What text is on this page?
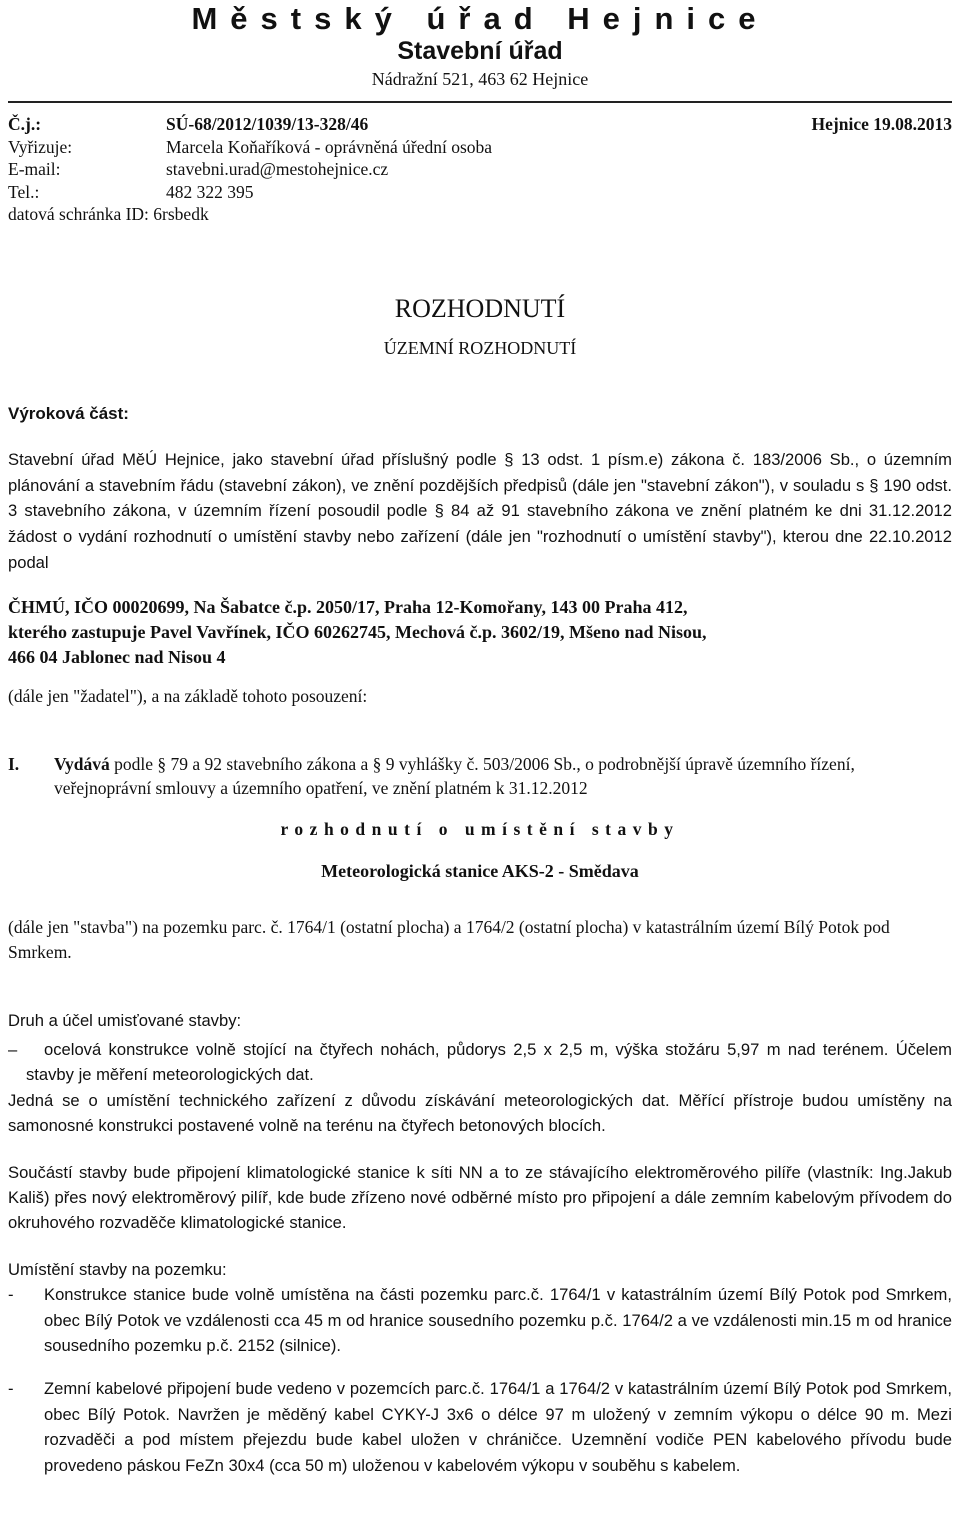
Městský úřad Hejnice
Stavební úřad
Nádražní 521, 463 62 Hejnice
Č.j.:	SÚ-68/2012/1039/13-328/46	Hejnice 19.08.2013
Vyřizuje:	Marcela Koňaříková - oprávněná úřední osoba
E-mail:	stavebni.urad@mestohejnice.cz
Tel.:	482 322 395
datová schránka ID: 6rsbedk
ROZHODNUTÍ
ÚZEMNÍ ROZHODNUTÍ
Výroková část:
Stavební úřad MěÚ Hejnice, jako stavební úřad příslušný podle § 13 odst. 1 písm.e) zákona č. 183/2006 Sb., o územním plánování a stavebním řádu (stavební zákon), ve znění pozdějších předpisů (dále jen "stavební zákon"), v souladu s § 190 odst. 3 stavebního zákona, v územním řízení posoudil podle § 84 až 91 stavebního zákona ve znění platném ke dni 31.12.2012 žádost o vydání rozhodnutí o umístění stavby nebo zařízení (dále jen "rozhodnutí o umístění stavby"), kterou dne 22.10.2012 podal
ČHMÚ, IČO 00020699, Na Šabatce č.p. 2050/17, Praha 12-Komořany, 143 00 Praha 412,
kterého zastupuje Pavel Vavřínek, IČO 60262745, Mechová č.p. 3602/19, Mšeno nad Nisou,
466 04 Jablonec nad Nisou 4
(dále jen "žadatel"), a na základě tohoto posouzení:
I.	Vydává podle § 79 a 92 stavebního zákona a § 9 vyhlášky č. 503/2006 Sb., o podrobnější úpravě územního řízení, veřejnoprávní smlouvy a územního opatření, ve znění platném k 31.12.2012
rozhodnutí o umístění stavby
Meteorologická stanice AKS-2 - Smědava
(dále jen "stavba") na pozemku parc. č. 1764/1 (ostatní plocha) a 1764/2 (ostatní plocha) v katastrálním území Bílý Potok pod Smrkem.
Druh a účel umisťované stavby:
–	ocelová konstrukce volně stojící na čtyřech nohách, půdorys 2,5 x 2,5 m, výška stožáru 5,97 m nad terénem. Účelem stavby je měření meteorologických dat.
Jedná se o umístění technického zařízení z důvodu získávání meteorologických dat. Měřící přístroje budou umístěny na samonosné konstrukci postavené volně na terénu na čtyřech betonových blocích.
Součástí stavby bude připojení klimatologické stanice k síti NN a to ze stávajícího elektroměrového pilíře (vlastník: Ing.Jakub Kališ) přes nový elektroměrový pilíř, kde bude zřízeno nové odběrné místo pro připojení a dále zemním kabelovým přívodem do okruhového rozvaděče klimatologické stanice.
Umístění stavby na pozemku:
-	Konstrukce stanice bude volně umístěna na části pozemku parc.č. 1764/1 v katastrálním území Bílý Potok pod Smrkem, obec Bílý Potok ve vzdálenosti cca 45 m od hranice sousedního pozemku p.č. 1764/2 a ve vzdálenosti min.15 m od hranice sousedního pozemku p.č. 2152 (silnice).
-	Zemní kabelové připojení bude vedeno v pozemcích parc.č. 1764/1 a 1764/2 v katastrálním území Bílý Potok pod Smrkem, obec Bílý Potok. Navržen je měděný kabel CYKY-J 3x6 o délce 97 m uložený v zemním výkopu o délce 90 m. Mezi rozvaděči a pod místem přejezdu bude kabel uložen v chráničce. Uzemnění vodiče PEN kabelového přívodu bude provedeno páskou FeZn 30x4 (cca 50 m) uloženou v kabelovém výkopu v souběhu s kabelem.
